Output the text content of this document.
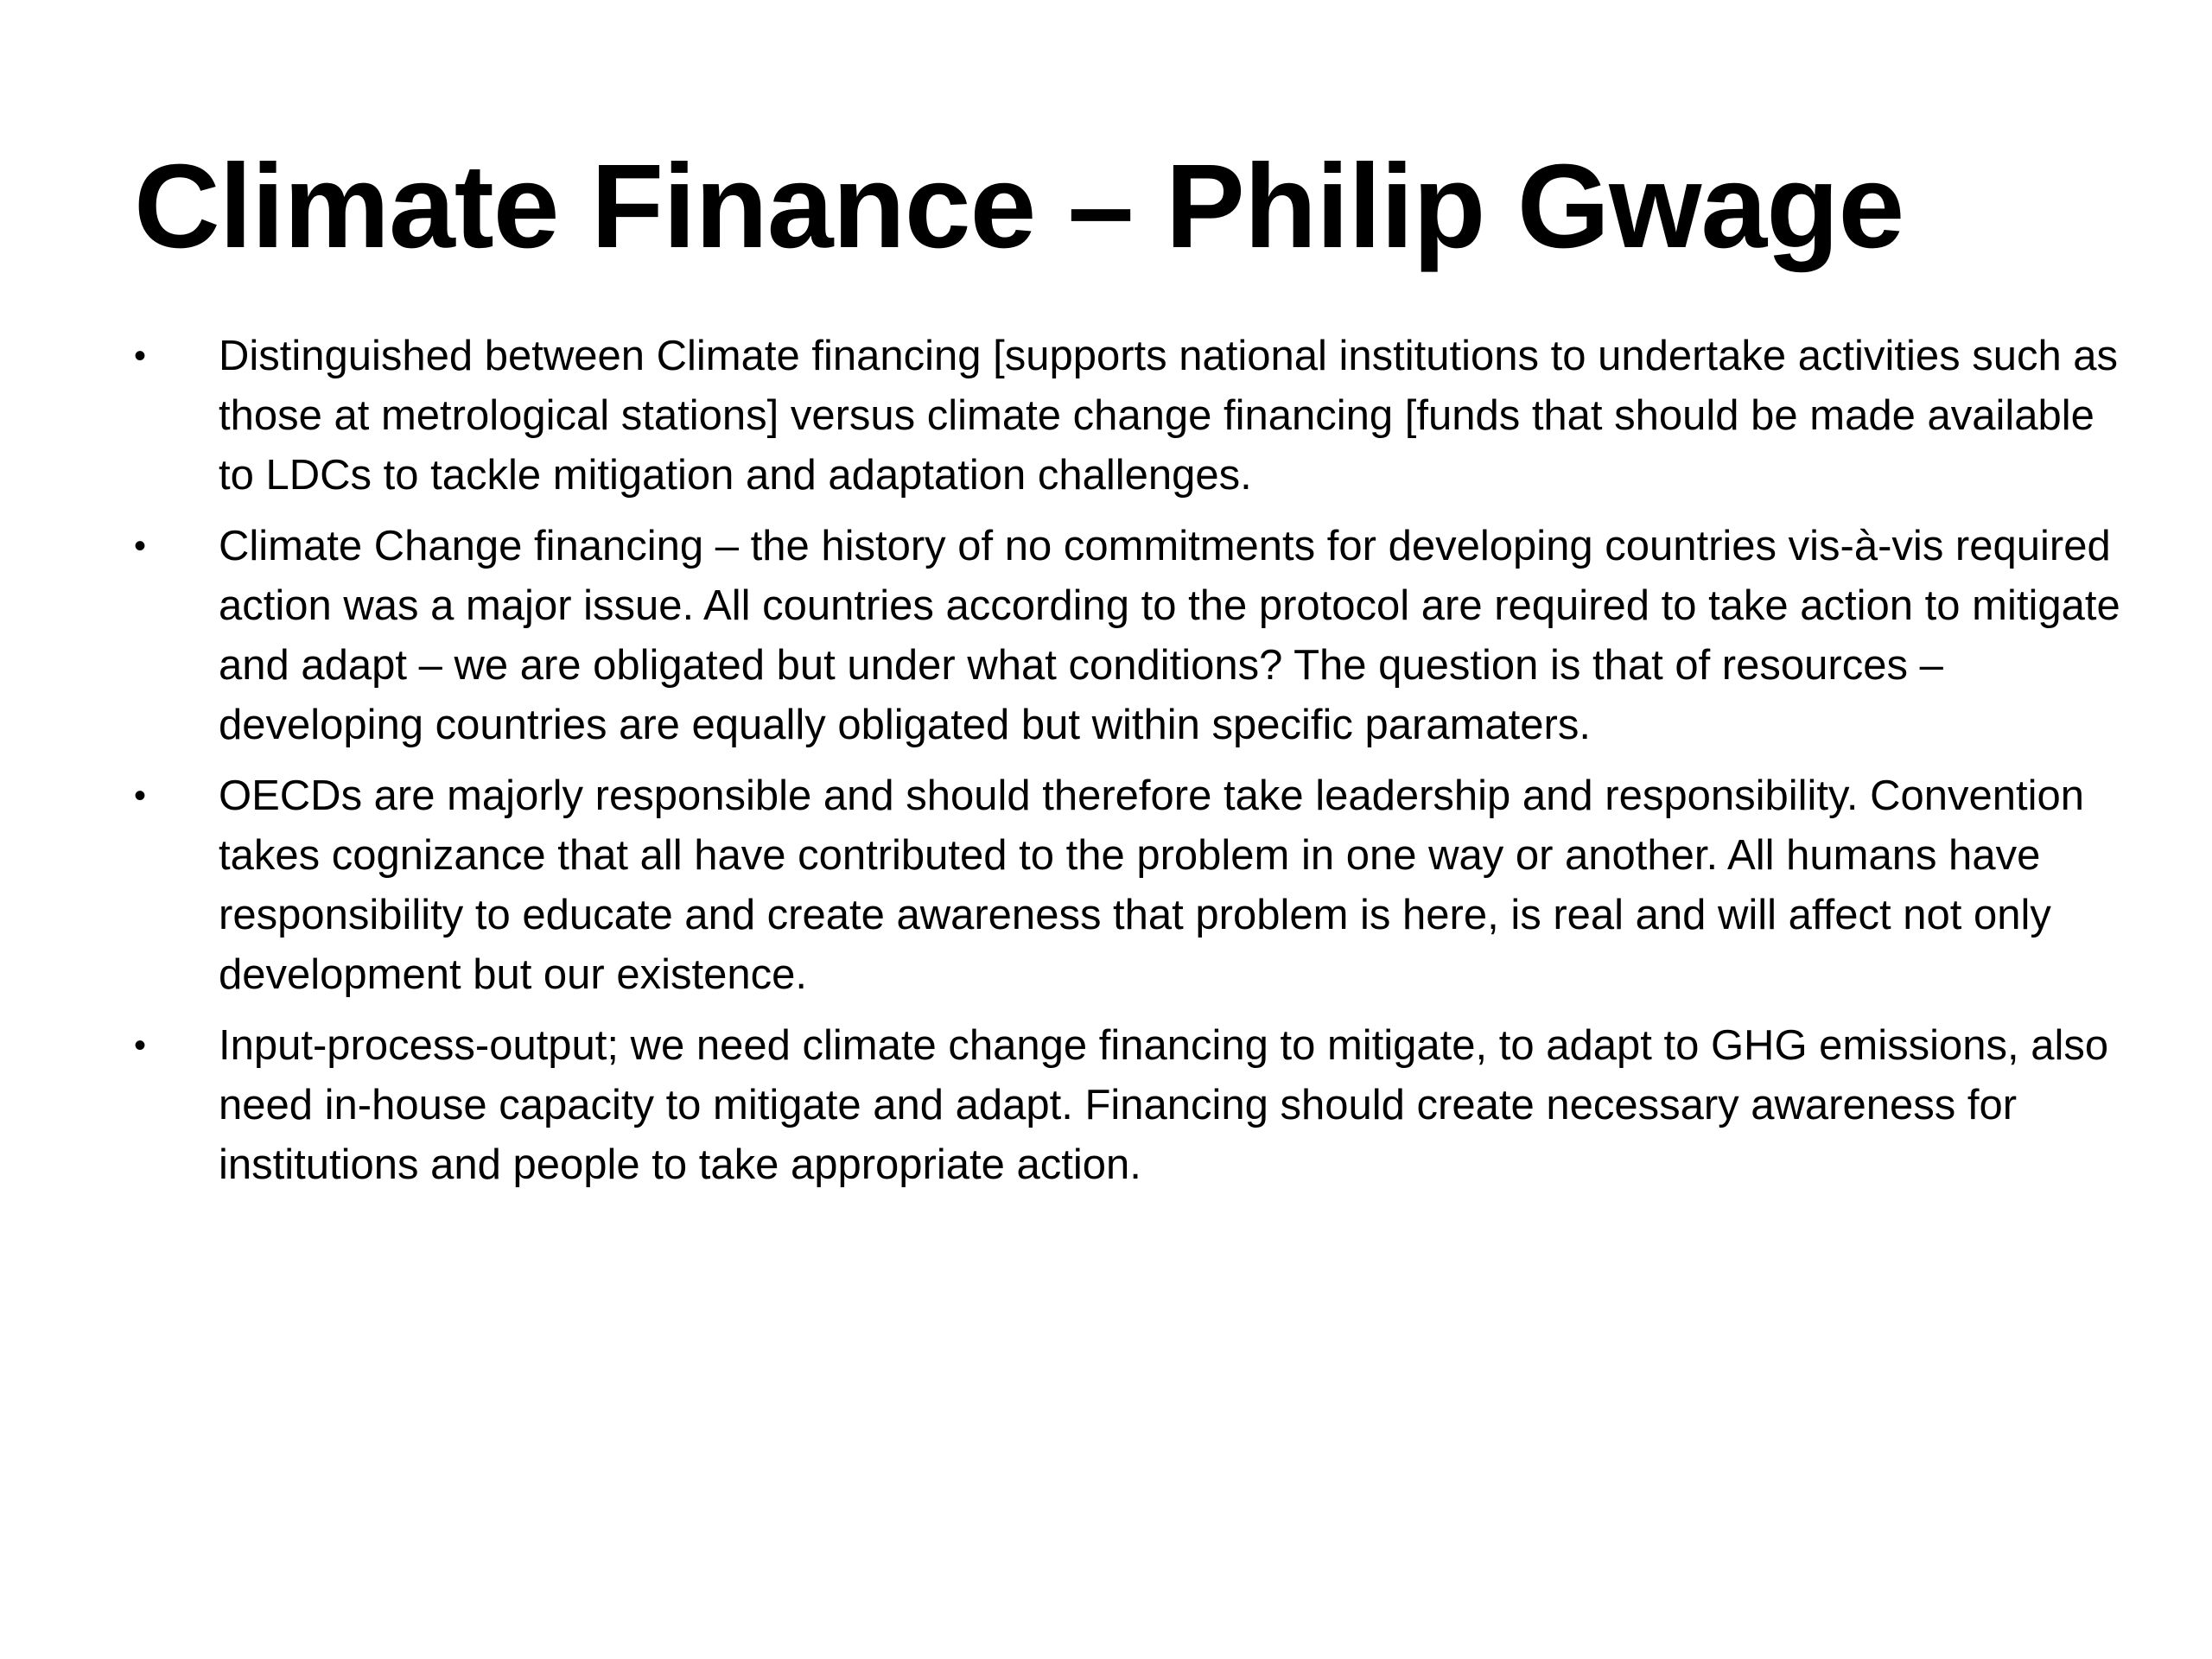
Climate Finance – Philip Gwage
• Distinguished between Climate financing [supports national institutions to undertake activities such as those at metrological stations] versus climate change financing [funds that should be made available to LDCs to tackle mitigation and adaptation challenges.
• Climate Change financing – the history of no commitments for developing countries vis-à-vis required action was a major issue. All countries according to the protocol are required to take action to mitigate and adapt – we are obligated but under what conditions? The question is that of resources – developing countries are equally obligated but within specific paramaters.
• OECDs are majorly responsible and should therefore take leadership and responsibility. Convention takes cognizance that all have contributed to the problem in one way or another. All humans have responsibility to educate and create awareness that problem is here, is real and will affect not only development but our existence.
• Input-process-output; we need climate change financing to mitigate, to adapt to GHG emissions, also need in-house capacity to mitigate and adapt. Financing should create necessary awareness for institutions and people to take appropriate action.
